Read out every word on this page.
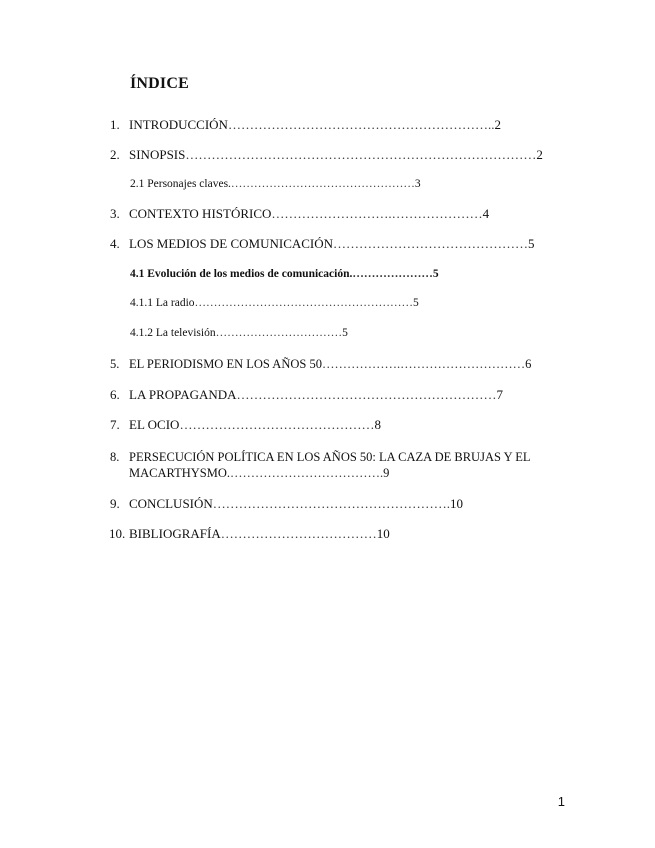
ÍNDICE
1. INTRODUCCIÓN……………………………………………………..2
2. SINOPSIS………………………………………………………………………2
2.1 Personajes claves.…………………………………………3
3. CONTEXTO HISTÓRICO……………………….…………………4
4. LOS MEDIOS DE COMUNICACIÓN………………………………………5
4.1 Evolución de los medios de comunicación.…………………5
4.1.1 La radio…………………………………………………5
4.1.2 La televisión……………………………5
5. EL PERIODISMO EN LOS AÑOS 50……………….…………………………6
6. LA PROPAGANDA……………………………………………………7
7. EL OCIO………………………………………8
8. PERSECUCIÓN POLÍTICA EN LOS AÑOS 50: LA CAZA DE BRUJAS Y EL
MACARTHYSMO.……………………………….9
9. CONCLUSIÓN……………………………………………….10
10. BIBLIOGRAFÍA………………………………10
1
